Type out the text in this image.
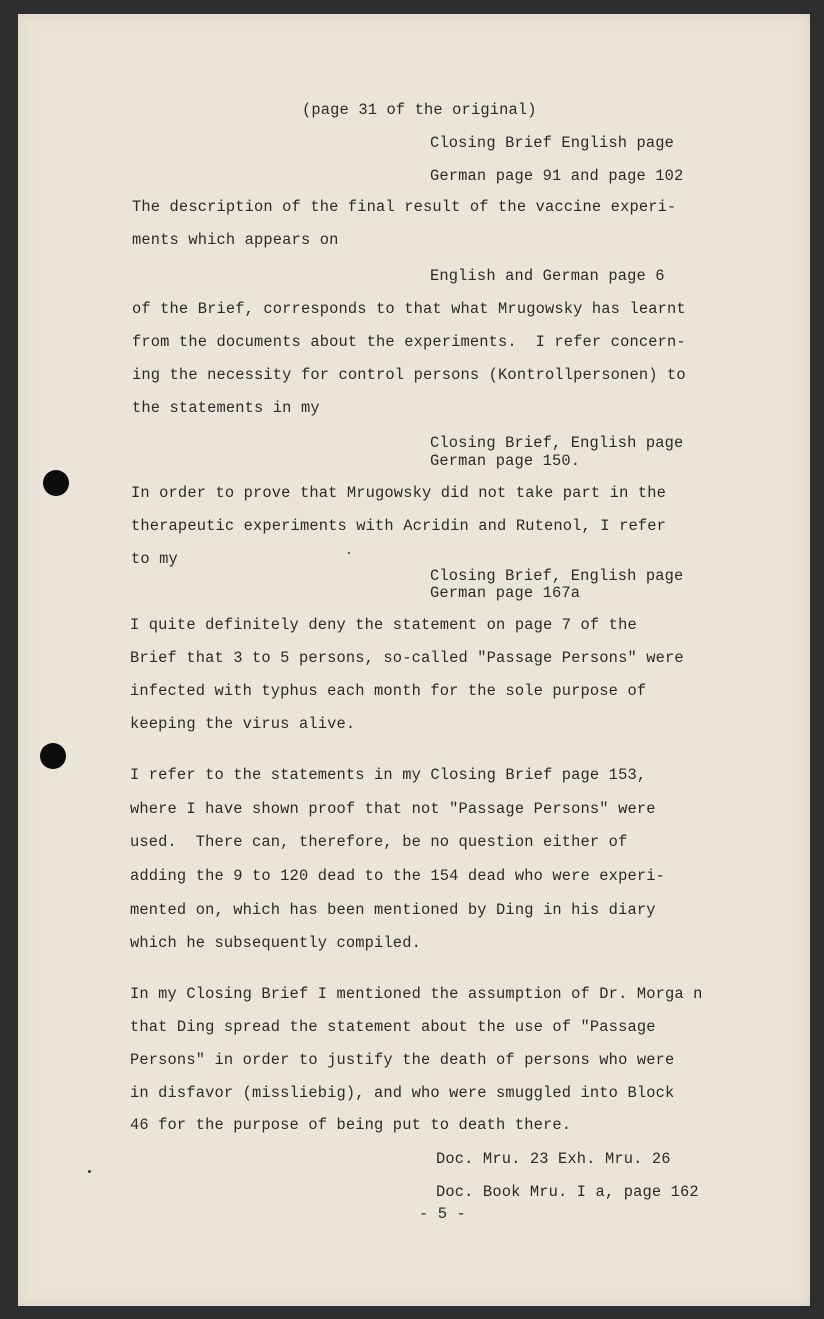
(page 31 of the original)

Closing Brief English page

German page 91 and page 102

The description of the final result of the vaccine experi-

ments which appears on

English and German page 6

of the Brief, corresponds to that what Mrugowsky has learnt

from the documents about the experiments.  I refer concern-

ing the necessity for control persons (Kontrollpersonen) to

the statements in my

Closing Brief, English page

German page 150.

In order to prove that Mrugowsky did not take part in the

therapeutic experiments with Acridin and Rutenol, I refer

to my

Closing Brief, English page

German page 167a

I quite definitely deny the statement on page 7 of the

Brief that 3 to 5 persons, so-called "Passage Persons" were

infected with typhus each month for the sole purpose of

keeping the virus alive.

I refer to the statements in my Closing Brief page 153,

where I have shown proof that not "Passage Persons" were

used.  There can, therefore, be no question either of

adding the 9 to 120 dead to the 154 dead who were experi-

mented on, which has been mentioned by Ding in his diary

which he subsequently compiled.

In my Closing Brief I mentioned the assumption of Dr. Morga n

that Ding spread the statement about the use of "Passage

Persons" in order to justify the death of persons who were

in disfavor (missliebig), and who were smuggled into Block

46 for the purpose of being put to death there.

Doc. Mru. 23 Exh. Mru. 26

Doc. Book Mru. I a, page 162

- 5 -
